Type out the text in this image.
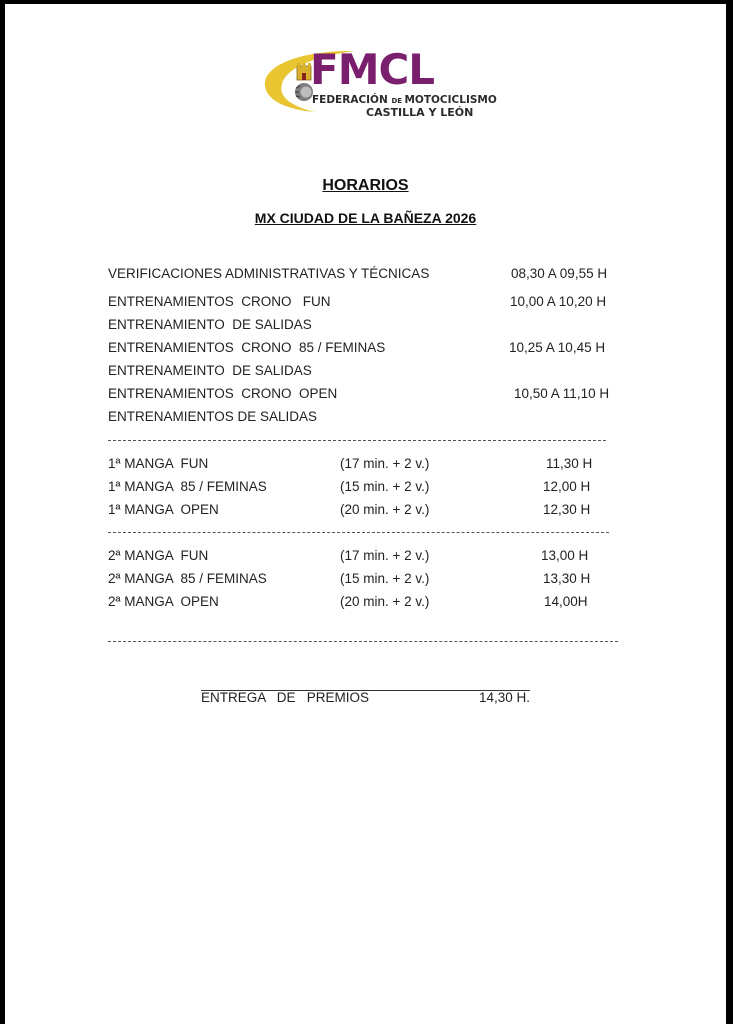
FMCL
FEDERACIÓN DE MOTOCICLISMO
CASTILLA Y LEÓN
HORARIOS
MX CIUDAD DE LA BAÑEZA 2026
VERIFICACIONES ADMINISTRATIVAS Y TÉCNICAS	08,30 A 09,55 H
ENTRENAMIENTOS  CRONO   FUN	10,00 A 10,20 H
ENTRENAMIENTO  DE SALIDAS
ENTRENAMIENTOS  CRONO  85 / FEMINAS	10,25 A 10,45 H
ENTRENAMEINTO  DE SALIDAS
ENTRENAMIENTOS  CRONO  OPEN	10,50 A 11,10 H
ENTRENAMIENTOS DE SALIDAS
1ª MANGA  FUN	(17 min. + 2 v.)	11,30 H
1ª MANGA  85 / FEMINAS	(15 min. + 2 v.)	12,00 H
1ª MANGA  OPEN	(20 min. + 2 v.)	12,30 H
2ª MANGA  FUN	(17 min. + 2 v.)	13,00 H
2ª MANGA  85 / FEMINAS	(15 min. + 2 v.)	13,30 H
2ª MANGA  OPEN	(20 min. + 2 v.)	14,00H
ENTREGA   DE   PREMIOS	14,30 H.
